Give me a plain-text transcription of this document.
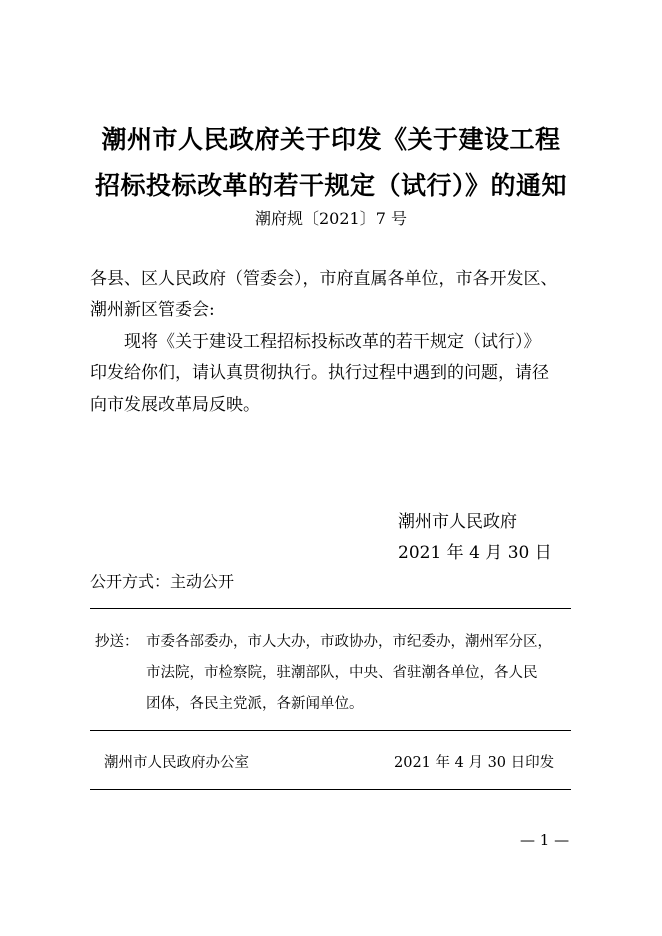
潮州市人民政府关于印发《关于建设工程
招标投标改革的若干规定（试行）》的通知
潮府规〔2021〕7 号
各县、区人民政府（管委会），市府直属各单位，市各开发区、
潮州新区管委会:
现将《关于建设工程招标投标改革的若干规定（试行）》
印发给你们，请认真贯彻执行。执行过程中遇到的问题，请径
向市发展改革局反映。
潮州市人民政府
2021 年 4 月 30 日
公开方式：主动公开
抄送： 市委各部委办，市人大办，市政协办，市纪委办，潮州军分区，
市法院，市检察院，驻潮部队，中央、省驻潮各单位，各人民
团体，各民主党派，各新闻单位。
潮州市人民政府办公室	2021 年 4 月 30 日印发
— 1 —
